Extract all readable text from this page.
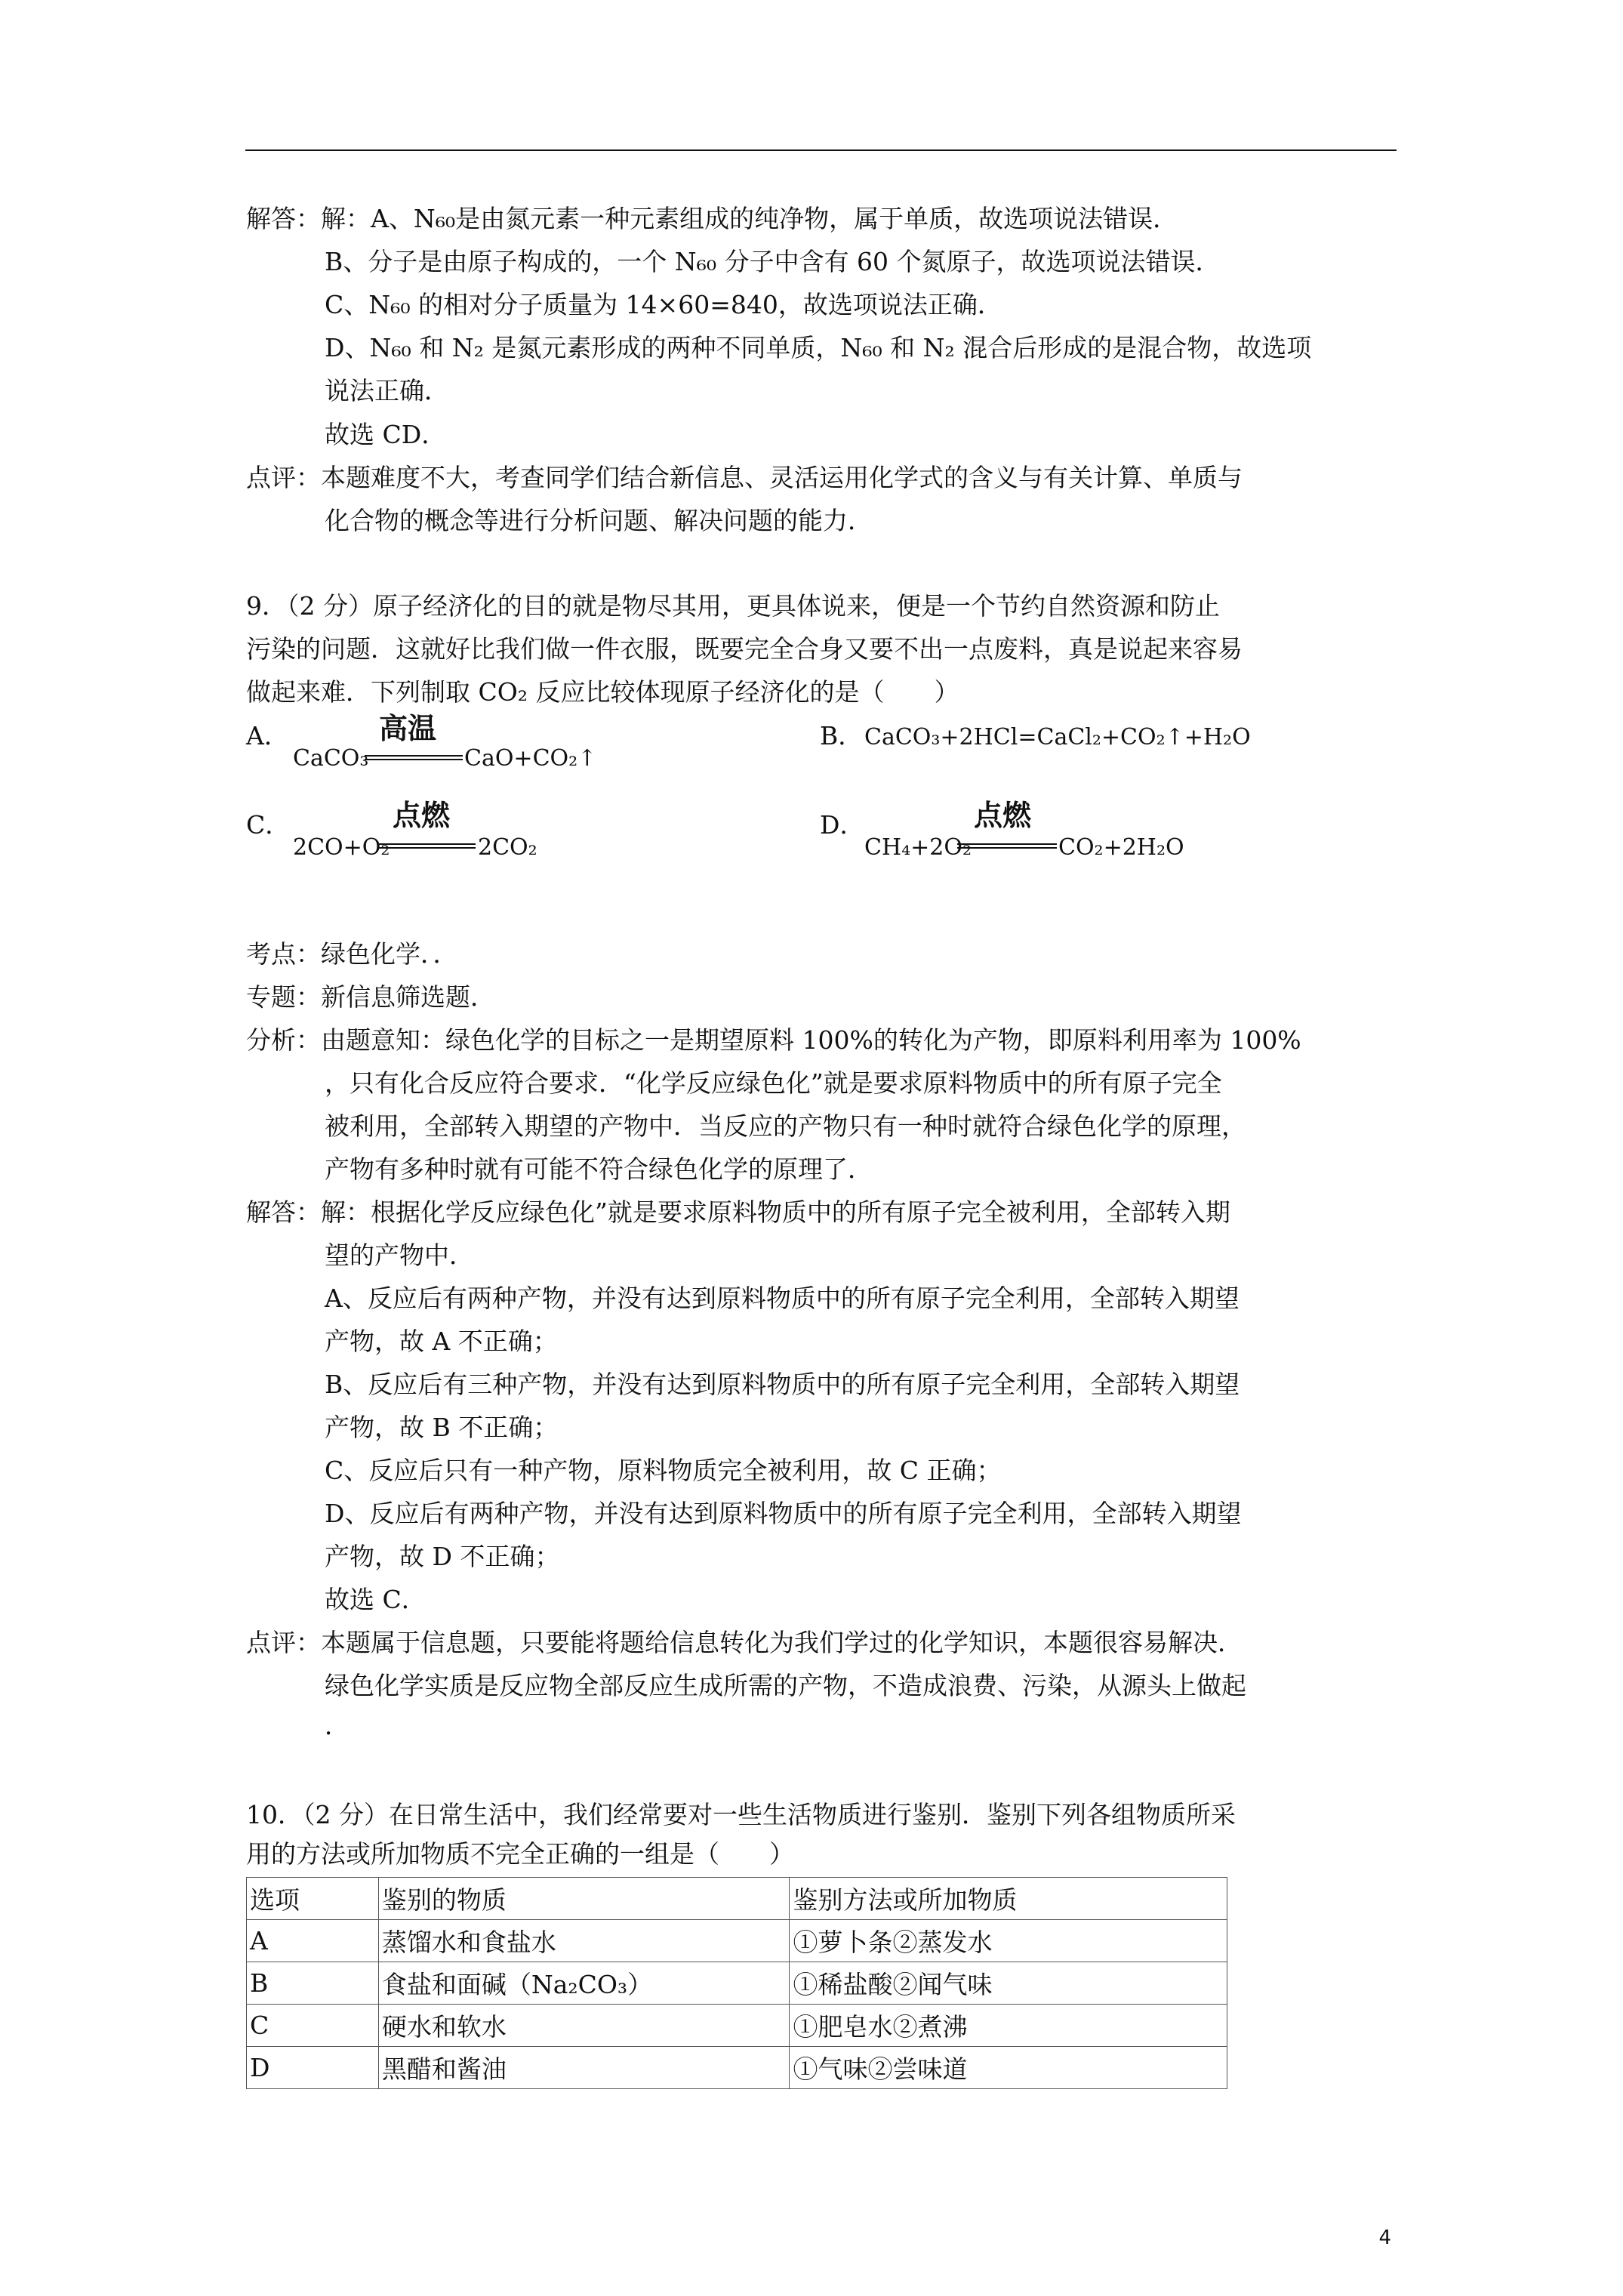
解答：解：A、N₆₀是由氮元素一种元素组成的纯净物，属于单质，故选项说法错误．
B、分子是由原子构成的，一个 N₆₀ 分子中含有 60 个氮原子，故选项说法错误．
C、N₆₀ 的相对分子质量为 14×60=840，故选项说法正确．
D、N₆₀ 和 N₂ 是氮元素形成的两种不同单质，N₆₀ 和 N₂ 混合后形成的是混合物，故选项
说法正确．
故选 CD．
点评：本题难度不大，考查同学们结合新信息、灵活运用化学式的含义与有关计算、单质与
化合物的概念等进行分析问题、解决问题的能力．
9．（2 分）原子经济化的目的就是物尽其用，更具体说来，便是一个节约自然资源和防止
污染的问题．这就好比我们做一件衣服，既要完全合身又要不出一点废料，真是说起来容易
做起来难．下列制取 CO₂ 反应比较体现原子经济化的是（　　）
A．
CaCO₃
高温
CaO+CO₂↑
B． CaCO₃+2HCl=CaCl₂+CO₂↑+H₂O
C．
2CO+O₂
点燃
2CO₂
D．
CH₄+2O₂
点燃
CO₂+2H₂O
考点：绿色化学．．
专题：新信息筛选题．
分析：由题意知：绿色化学的目标之一是期望原料 100%的转化为产物，即原料利用率为 100%
，只有化合反应符合要求．“化学反应绿色化”就是要求原料物质中的所有原子完全
被利用，全部转入期望的产物中．当反应的产物只有一种时就符合绿色化学的原理，
产物有多种时就有可能不符合绿色化学的原理了．
解答：解：根据化学反应绿色化”就是要求原料物质中的所有原子完全被利用，全部转入期
望的产物中．
A、反应后有两种产物，并没有达到原料物质中的所有原子完全利用，全部转入期望
产物，故 A 不正确；
B、反应后有三种产物，并没有达到原料物质中的所有原子完全利用，全部转入期望
产物，故 B 不正确；
C、反应后只有一种产物，原料物质完全被利用，故 C 正确；
D、反应后有两种产物，并没有达到原料物质中的所有原子完全利用，全部转入期望
产物，故 D 不正确；
故选 C．
点评：本题属于信息题，只要能将题给信息转化为我们学过的化学知识，本题很容易解决．
绿色化学实质是反应物全部反应生成所需的产物，不造成浪费、污染，从源头上做起
．
10．（2 分）在日常生活中，我们经常要对一些生活物质进行鉴别．鉴别下列各组物质所采
用的方法或所加物质不完全正确的一组是（　　）
选项	鉴别的物质	鉴别方法或所加物质
A	蒸馏水和食盐水	①萝卜条②蒸发水
B	食盐和面碱（Na₂CO₃）	①稀盐酸②闻气味
C	硬水和软水	①肥皂水②煮沸
D	黑醋和酱油	①气味②尝味道
4
